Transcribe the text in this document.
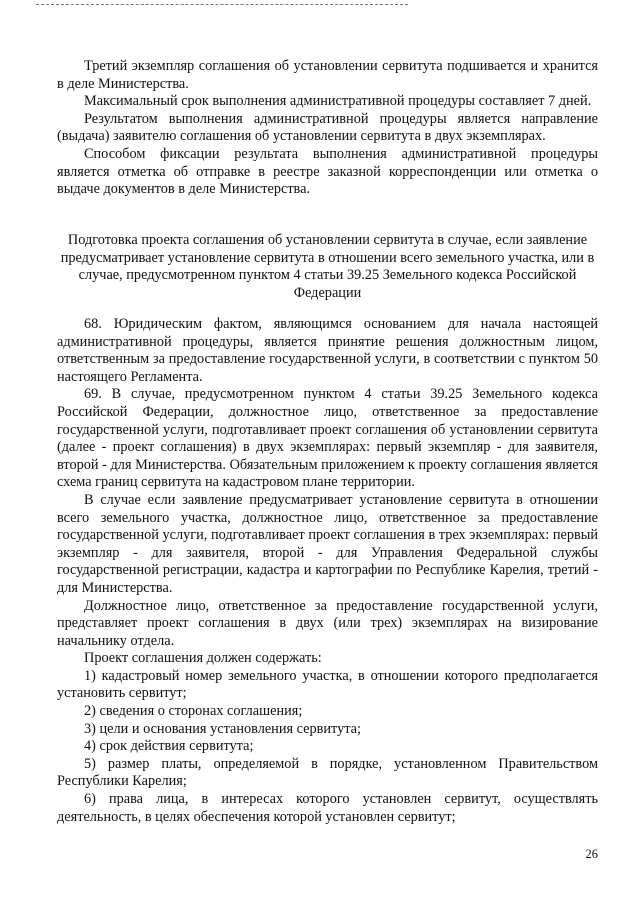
Третий экземпляр соглашения об установлении сервитута подшивается и хранится в деле Министерства.

Максимальный срок выполнения административной процедуры составляет 7 дней.

Результатом выполнения административной процедуры является направление (выдача) заявителю соглашения об установлении сервитута в двух экземплярах.

Способом фиксации результата выполнения административной процедуры является отметка об отправке в реестре заказной корреспонденции или отметка о выдаче документов в деле Министерства.

Подготовка проекта соглашения об установлении сервитута в случае, если заявление предусматривает установление сервитута в отношении всего земельного участка, или в случае, предусмотренном пунктом 4 статьи 39.25 Земельного кодекса Российской Федерации

68. Юридическим фактом, являющимся основанием для начала настоящей административной процедуры, является принятие решения должностным лицом, ответственным за предоставление государственной услуги, в соответствии с пунктом 50 настоящего Регламента.

69. В случае, предусмотренном пунктом 4 статьи 39.25 Земельного кодекса Российской Федерации, должностное лицо, ответственное за предоставление государственной услуги, подготавливает проект соглашения об установлении сервитута (далее - проект соглашения) в двух экземплярах: первый экземпляр - для заявителя, второй - для Министерства. Обязательным приложением к проекту соглашения является схема границ сервитута на кадастровом плане территории.

В случае если заявление предусматривает установление сервитута в отношении всего земельного участка, должностное лицо, ответственное за предоставление государственной услуги, подготавливает проект соглашения в трех экземплярах: первый экземпляр - для заявителя, второй - для Управления Федеральной службы государственной регистрации, кадастра и картографии по Республике Карелия, третий - для Министерства.

Должностное лицо, ответственное за предоставление государственной услуги, представляет проект соглашения в двух (или трех) экземплярах на визирование начальнику отдела.

Проект соглашения должен содержать:

1) кадастровый номер земельного участка, в отношении которого предполагается установить сервитут;

2) сведения о сторонах соглашения;

3) цели и основания установления сервитута;

4) срок действия сервитута;

5) размер платы, определяемой в порядке, установленном Правительством Республики Карелия;

6) права лица, в интересах которого установлен сервитут, осуществлять деятельность, в целях обеспечения которой установлен сервитут;

26
